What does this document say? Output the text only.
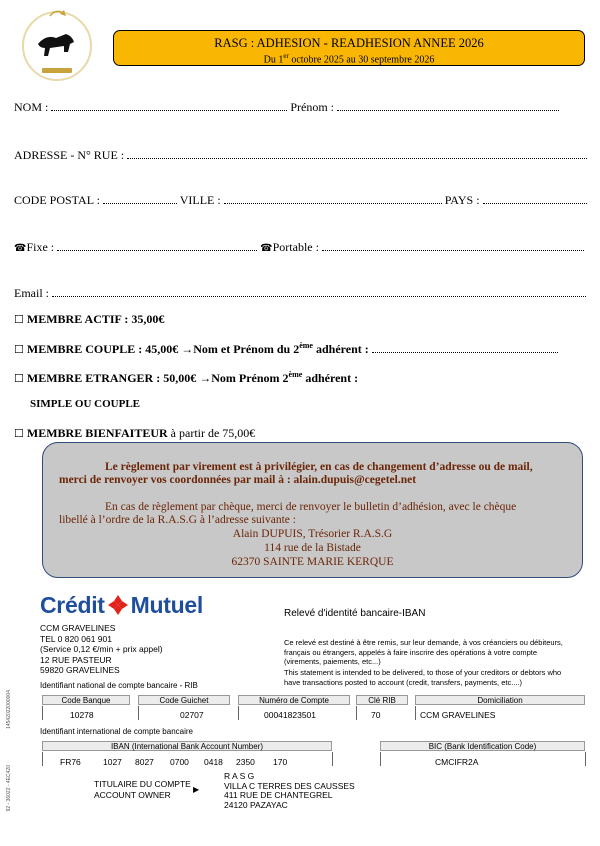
RASG : ADHESION - READHESION ANNEE 2026
Du 1er octobre 2025 au 30 septembre 2026
NOM :	Prénom :
ADRESSE - N° RUE :
CODE POSTAL :	VILLE :	PAYS :
☎Fixe :	☎Portable :
Email :
☐ MEMBRE ACTIF : 35,00€
☐ MEMBRE COUPLE : 45,00€ →Nom et Prénom du 2ème adhérent :
☐ MEMBRE ETRANGER : 50,00€ →Nom Prénom 2ème adhérent :
SIMPLE OU COUPLE
☐ MEMBRE BIENFAITEUR à partir de 75,00€

Le règlement par virement est à privilégier, en cas de changement d’adresse ou de mail,

merci de renvoyer vos coordonnées par mail à : alain.dupuis@cegetel.net

En cas de règlement par chèque, merci de renvoyer le bulletin d’adhésion, avec le chèque

libellé à l’ordre de la R.A.S.G à l’adresse suivante :

Alain DUPUIS, Trésorier R.A.S.G

114 rue de la Bistade

62370 SAINTE MARIE KERQUE

Crédit Mutuel	Relevé d'identité bancaire-IBAN
CCM GRAVELINES
TEL 0 820 061 901
(Service 0,12 €/min + prix appel)
12 RUE PASTEUR
59820 GRAVELINES
Ce relevé est destiné à être remis, sur leur demande, à vos créanciers ou débiteurs,
français ou étrangers, appelés à faire inscrire des opérations à votre compte
(virements, paiements, etc...)
This statement is intended to be delivered, to those of your creditors or debtors who
have transactions posted to account (credit, transfers, payments, etc....)
Identifiant national de compte bancaire - RIB
Code Banque	Code Guichet	Numéro de Compte	Clé RIB	Domiciliation
10278	02707	00041823501	70	CCM GRAVELINES
Identifiant international de compte bancaire
IBAN (International Bank Account Number)	BIC (Bank Identification Code)
FR76	1027 8027 0700 0418 2350 170	CMCIFR2A
TITULAIRE DU COMPTE
ACCOUNT OWNER	▶
R A S G
VILLA C TERRES DES CAUSSES
411 RUE DE CHANTEGREL
24120 PAZAYAC
14542022000004
92 - 36022 - 4EC420
